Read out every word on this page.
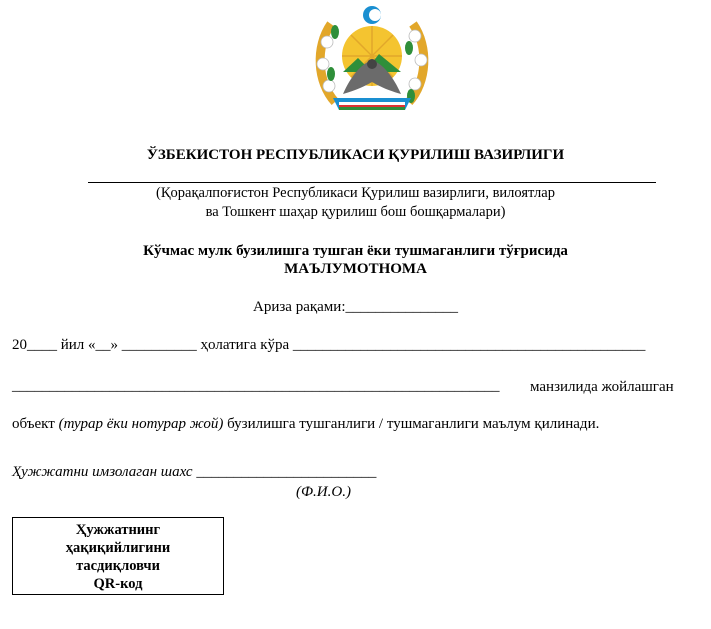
ЎЗБЕКИСТОН РЕСПУБЛИКАСИ ҚУРИЛИШ ВАЗИРЛИГИ
(Қорақалпоғистон Республикаси Қурилиш вазирлиги, вилоятлар
ва Тошкент шаҳар қурилиш бош бошқармалари)
Кўчмас мулк бузилишга тушган ёки тушмаганлиги тўғрисида
МАЪЛУМОТНОМА
Ариза рақами:_______________
20____ йил «__» __________ ҳолатига кўра _______________________________________________
_________________________________________________________________ манзилида жойлашган
объект (турар ёки нотурар жой) бузилишга тушганлиги / тушмаганлиги маълум қилинади.
Ҳужжатни имзолаган шахс ________________________
(Ф.И.О.)
Ҳужжатнинг
ҳақиқийлигини
тасдиқловчи
QR-код
